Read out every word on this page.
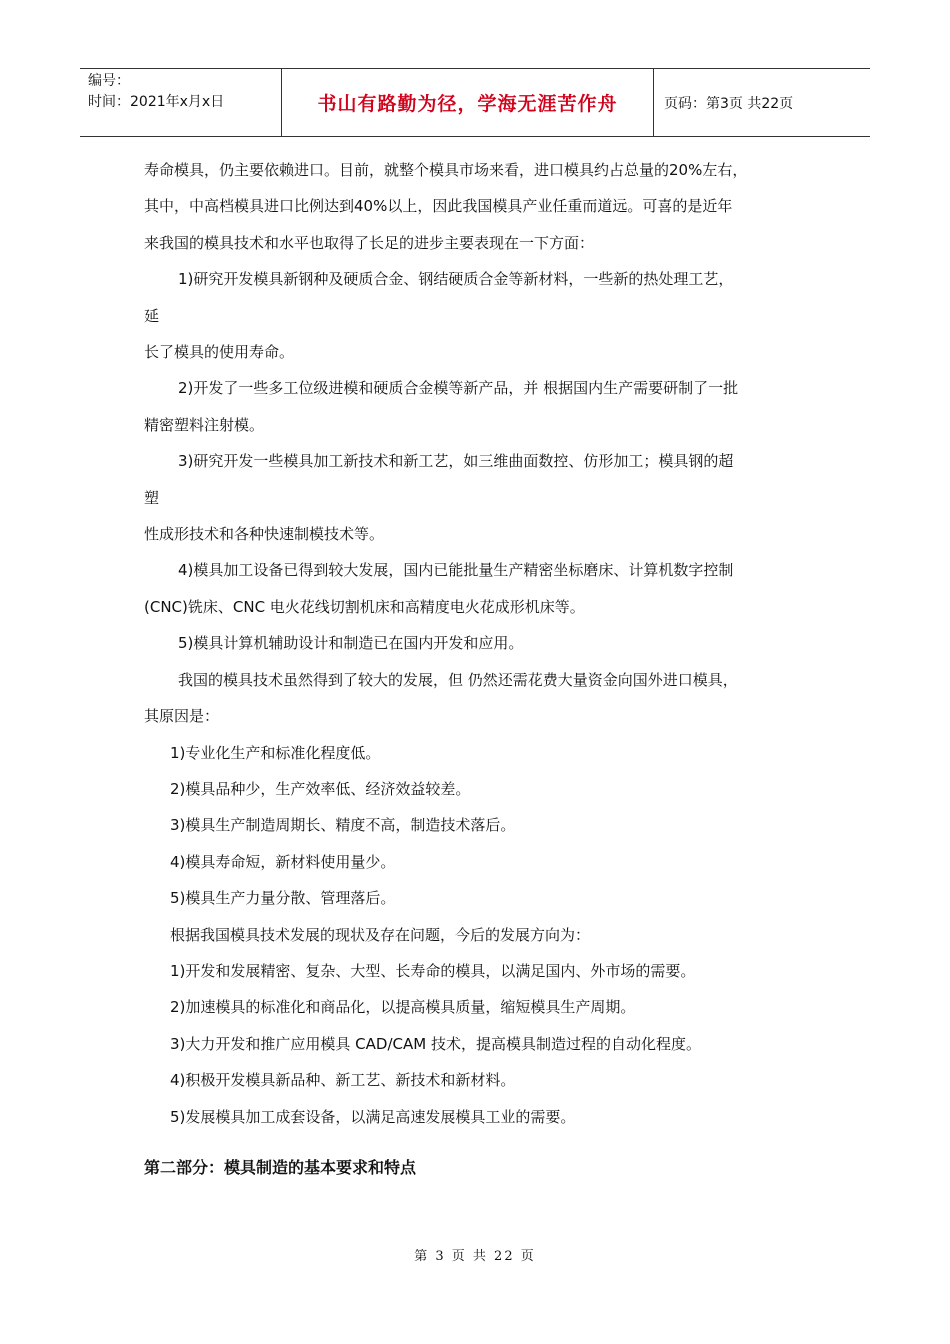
编号：
时间：2021年x月x日	书山有路勤为径，学海无涯苦作舟	页码：第3页 共22页
寿命模具，仍主要依赖进口。目前，就整个模具市场来看，进口模具约占总量的20%左右，
其中，中高档模具进口比例达到40%以上，因此我国模具产业任重而道远。可喜的是近年
来我国的模具技术和水平也取得了长足的进步主要表现在一下方面：
1)研究开发模具新钢种及硬质合金、钢结硬质合金等新材料，一些新的热处理工艺，
延
长了模具的使用寿命。
2)开发了一些多工位级进模和硬质合金模等新产品，并 根据国内生产需要研制了一批
精密塑料注射模。
3)研究开发一些模具加工新技术和新工艺，如三维曲面数控、仿形加工；模具钢的超
塑
性成形技术和各种快速制模技术等。
4)模具加工设备已得到较大发展，国内已能批量生产精密坐标磨床、计算机数字控制
(CNC)铣床、CNC 电火花线切割机床和高精度电火花成形机床等。
5)模具计算机辅助设计和制造已在国内开发和应用。
我国的模具技术虽然得到了较大的发展，但 仍然还需花费大量资金向国外进口模具，
其原因是：
1)专业化生产和标准化程度低。
2)模具品种少，生产效率低、经济效益较差。
3)模具生产制造周期长、精度不高，制造技术落后。
4)模具寿命短，新材料使用量少。
5)模具生产力量分散、管理落后。
根据我国模具技术发展的现状及存在问题，今后的发展方向为：
1)开发和发展精密、复杂、大型、长寿命的模具，以满足国内、外市场的需要。
2)加速模具的标准化和商品化，以提高模具质量，缩短模具生产周期。
3)大力开发和推广应用模具 CAD/CAM 技术，提高模具制造过程的自动化程度。
4)积极开发模具新品种、新工艺、新技术和新材料。
5)发展模具加工成套设备，以满足高速发展模具工业的需要。
第二部分：模具制造的基本要求和特点
第 3 页 共 22 页
